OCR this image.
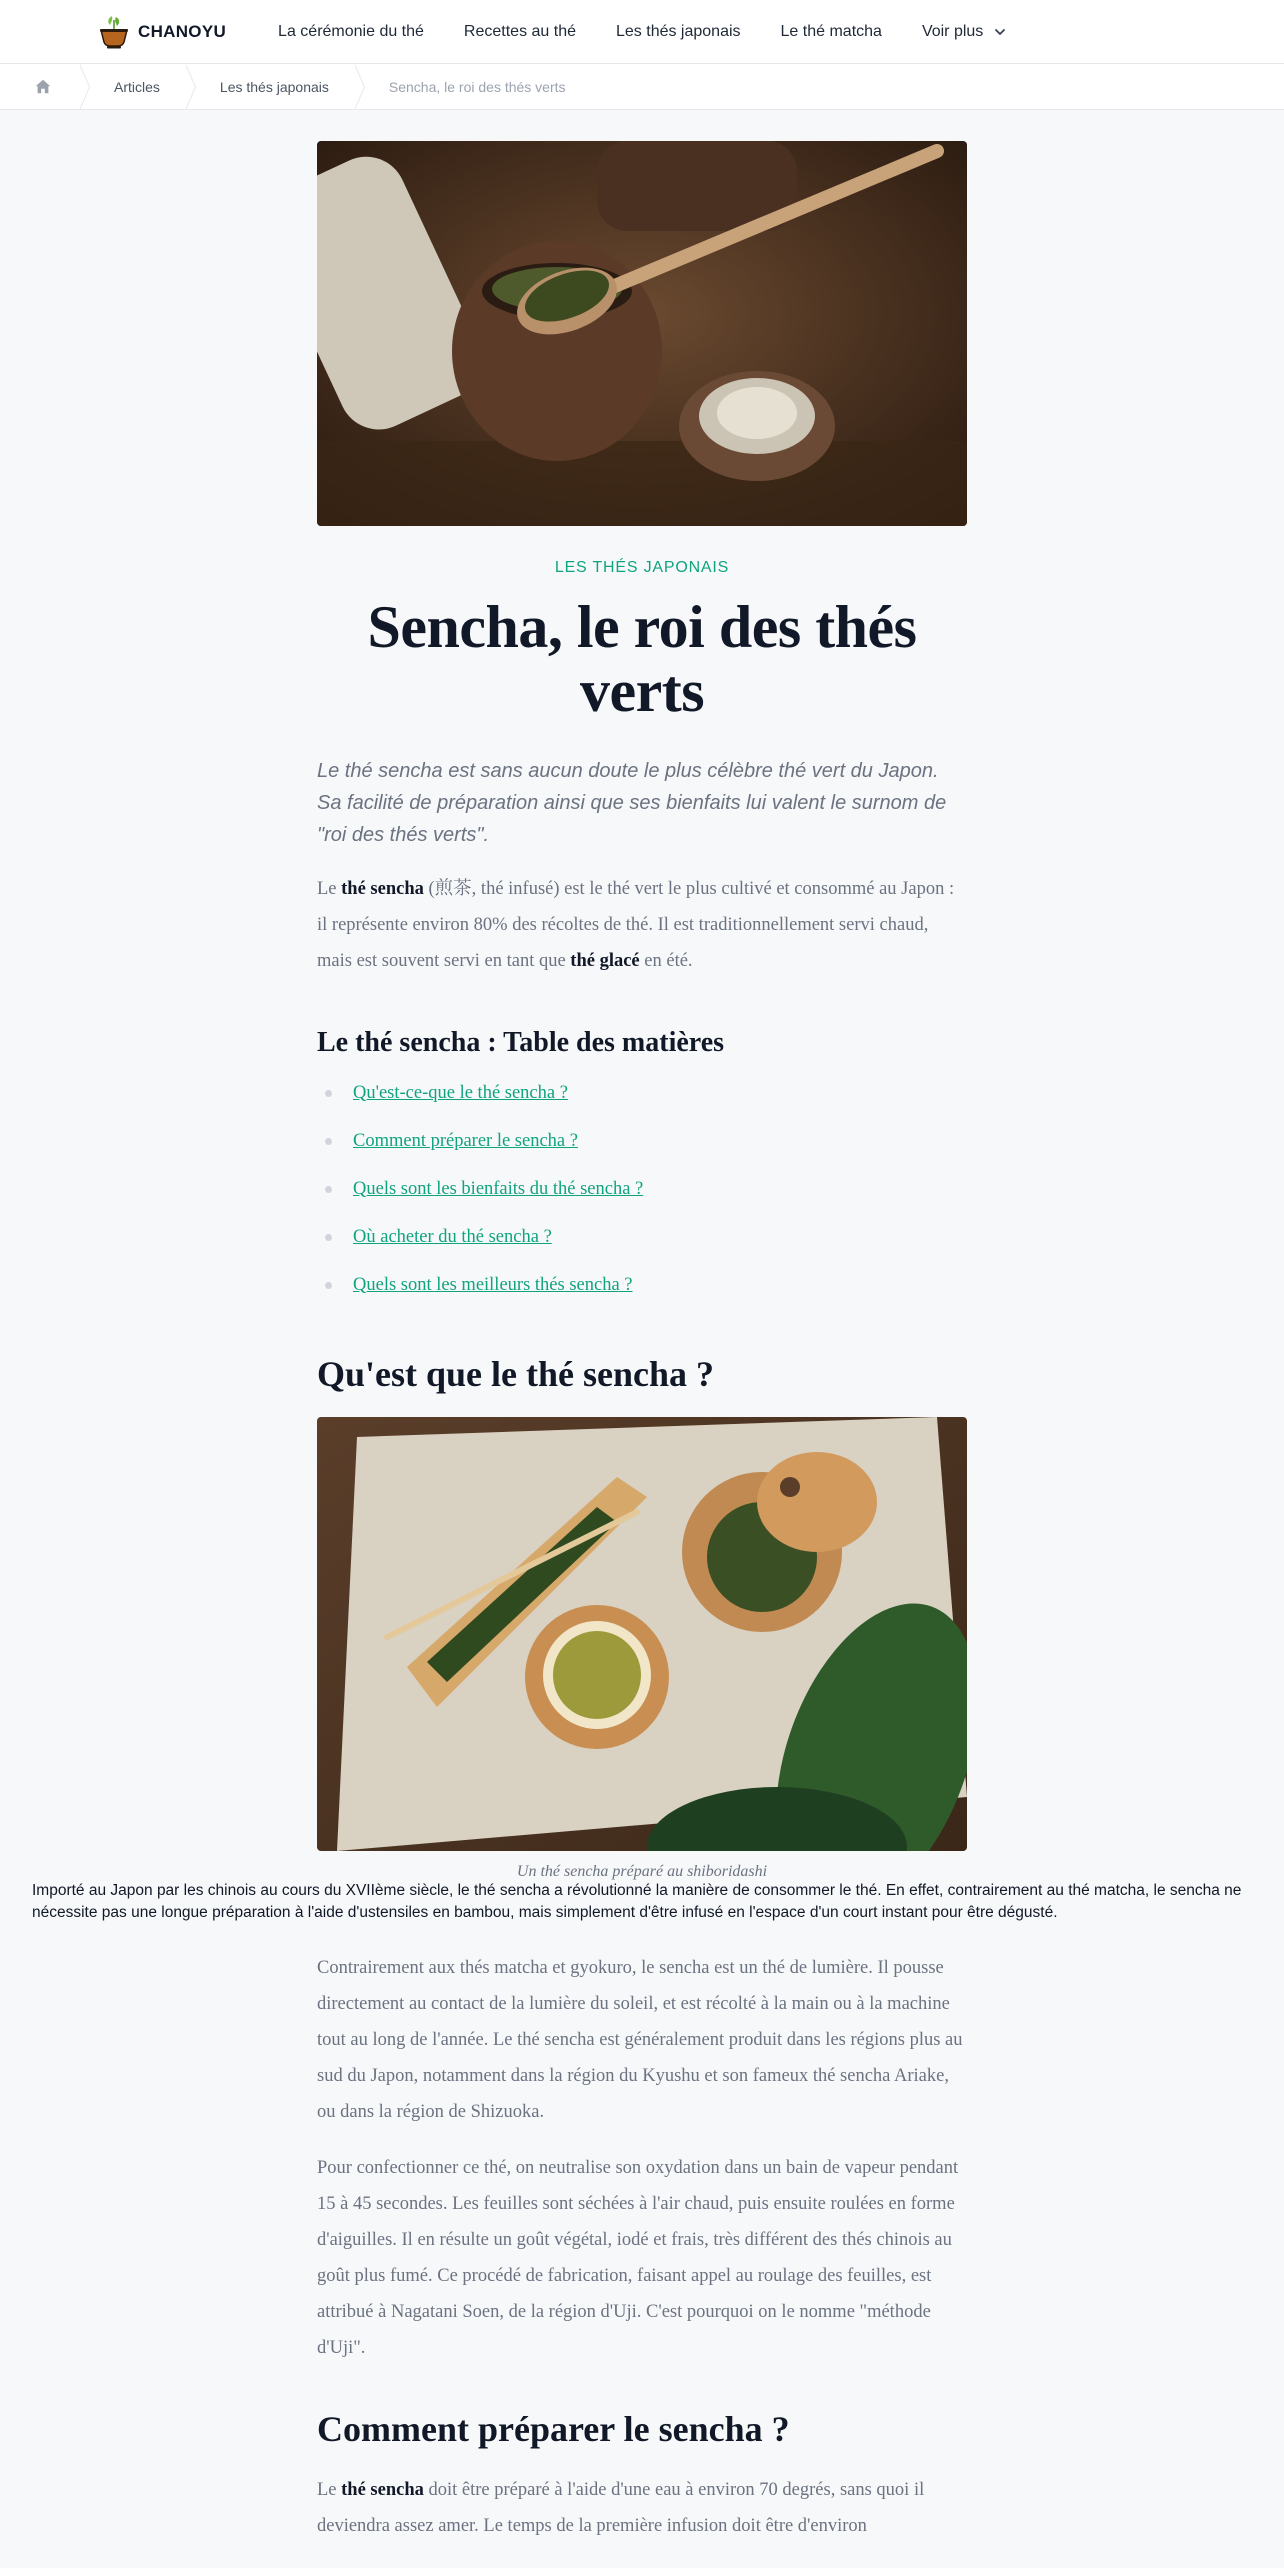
CHANOYU	La cérémonie du thé	Recettes au thé	Les thés japonais	Le thé matcha	Voir plus
Articles	Les thés japonais	Sencha, le roi des thés verts
LES THÉS JAPONAIS
Sencha, le roi des thés verts

Le thé sencha est sans aucun doute le plus célèbre thé vert du Japon. Sa facilité de préparation ainsi que ses bienfaits lui valent le surnom de "roi des thés verts".

Le thé sencha (煎茶, thé infusé) est le thé vert le plus cultivé et consommé au Japon : il représente environ 80% des récoltes de thé. Il est traditionnellement servi chaud, mais est souvent servi en tant que thé glacé en été.

Le thé sencha : Table des matières
Qu'est-ce-que le thé sencha ?
Comment préparer le sencha ?
Quels sont les bienfaits du thé sencha ?
Où acheter du thé sencha ?
Quels sont les meilleurs thés sencha ?
Qu'est que le thé sencha ?
Un thé sencha préparé au shiboridashi
Importé au Japon par les chinois au cours du XVIIème siècle, le thé sencha a révolutionné la manière de consommer le thé. En effet, contrairement au thé matcha, le sencha ne nécessite pas une longue préparation à l'aide d'ustensiles en bambou, mais simplement d'être infusé en l'espace d'un court instant pour être dégusté.

Contrairement aux thés matcha et gyokuro, le sencha est un thé de lumière. Il pousse directement au contact de la lumière du soleil, et est récolté à la main ou à la machine tout au long de l'année. Le thé sencha est généralement produit dans les régions plus au sud du Japon, notamment dans la région du Kyushu et son fameux thé sencha Ariake, ou dans la région de Shizuoka.

Pour confectionner ce thé, on neutralise son oxydation dans un bain de vapeur pendant 15 à 45 secondes. Les feuilles sont séchées à l'air chaud, puis ensuite roulées en forme d'aiguilles. Il en résulte un goût végétal, iodé et frais, très différent des thés chinois au goût plus fumé. Ce procédé de fabrication, faisant appel au roulage des feuilles, est attribué à Nagatani Soen, de la région d'Uji. C'est pourquoi on le nomme "méthode d'Uji".

Comment préparer le sencha ?

Le thé sencha doit être préparé à l'aide d'une eau à environ 70 degrés, sans quoi il deviendra assez amer. Le temps de la première infusion doit être d'environ
